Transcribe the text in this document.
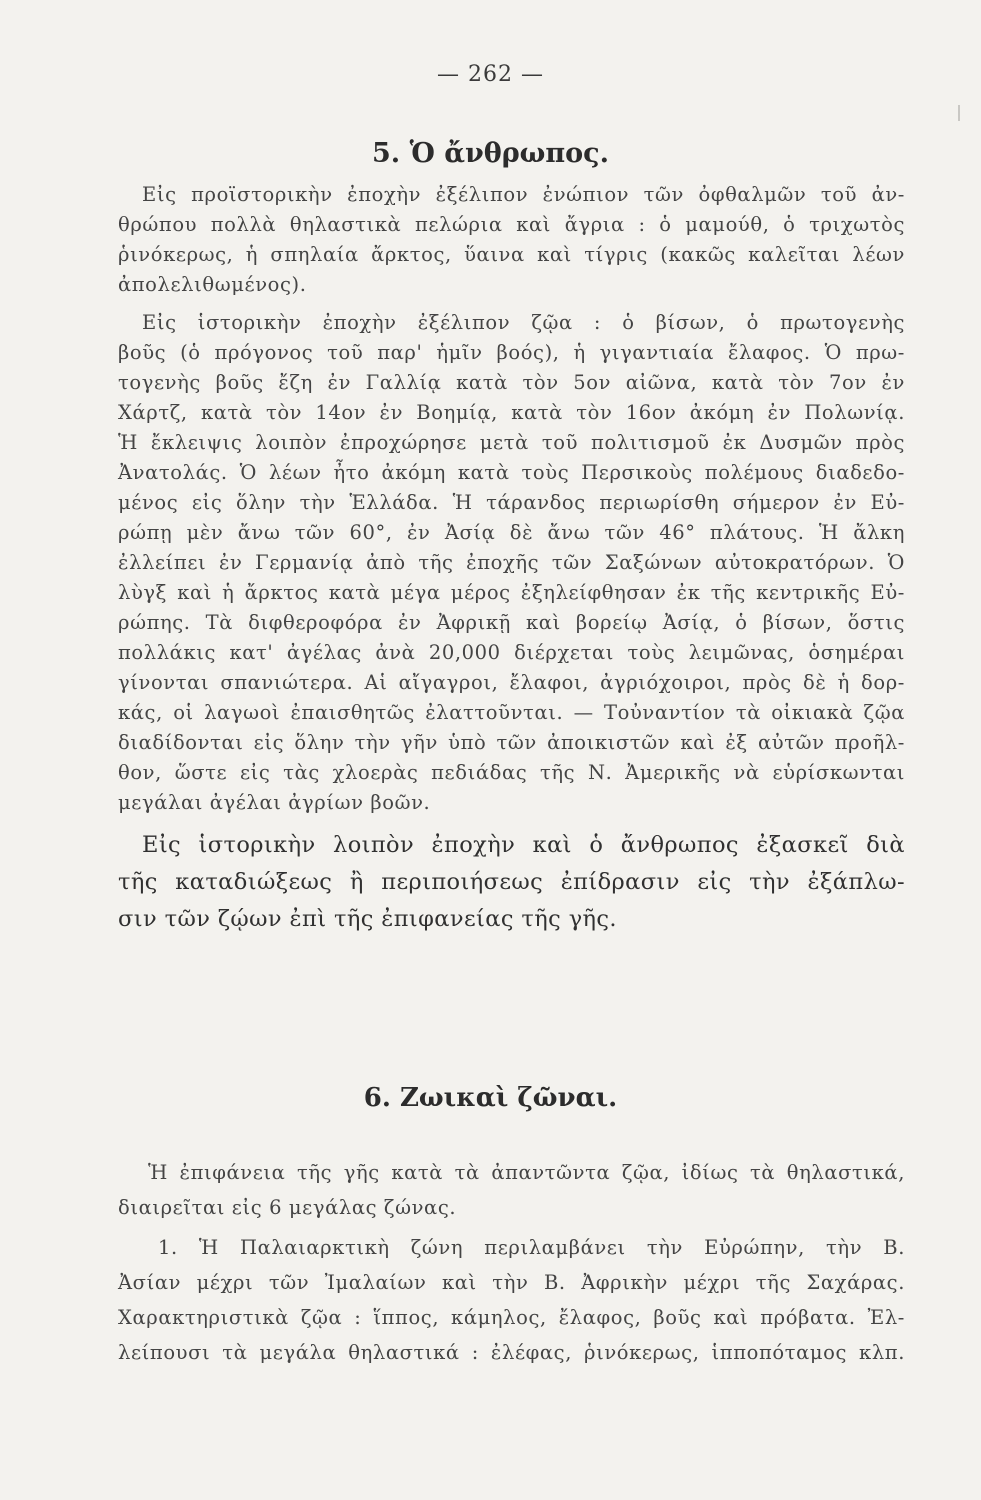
— 262 —
5. Ὁ ἄνθρωπος.
Εἰς προϊστορικὴν ἐποχὴν ἐξέλιπον ἐνώπιον τῶν ὀφθαλμῶν τοῦ ἀν-
θρώπου πολλὰ θηλαστικὰ πελώρια καὶ ἄγρια : ὁ μαμούθ, ὁ τριχωτὸς
ῥινόκερως, ἡ σπηλαία ἄρκτος, ὕαινα καὶ τίγρις (κακῶς καλεῖται λέων
ἀπολελιθωμένος).
Εἰς ἱστορικὴν ἐποχὴν ἐξέλιπον ζῷα : ὁ βίσων, ὁ πρωτογενὴς
βοῦς (ὁ πρόγονος τοῦ παρ' ἡμῖν βοός), ἡ γιγαντιαία ἔλαφος. Ὁ πρω-
τογενὴς βοῦς ἔζη ἐν Γαλλίᾳ κατὰ τὸν 5ον αἰῶνα, κατὰ τὸν 7ον ἐν
Χάρτζ, κατὰ τὸν 14ον ἐν Βοημίᾳ, κατὰ τὸν 16ον ἀκόμη ἐν Πολωνίᾳ.
Ἡ ἔκλειψις λοιπὸν ἐπροχώρησε μετὰ τοῦ πολιτισμοῦ ἐκ Δυσμῶν πρὸς
Ἀνατολάς. Ὁ λέων ἦτο ἀκόμη κατὰ τοὺς Περσικοὺς πολέμους διαδεδο-
μένος εἰς ὅλην τὴν Ἑλλάδα. Ἡ τάρανδος περιωρίσθη σήμερον ἐν Εὐ-
ρώπῃ μὲν ἄνω τῶν 60°, ἐν Ἀσίᾳ δὲ ἄνω τῶν 46° πλάτους. Ἡ ἄλκη
ἐλλείπει ἐν Γερμανίᾳ ἀπὸ τῆς ἐποχῆς τῶν Σαξώνων αὐτοκρατόρων. Ὁ
λὺγξ καὶ ἡ ἄρκτος κατὰ μέγα μέρος ἐξηλείφθησαν ἐκ τῆς κεντρικῆς Εὐ-
ρώπης. Τὰ διφθεροφόρα ἐν Ἀφρικῇ καὶ βορείῳ Ἀσίᾳ, ὁ βίσων, ὅστις
πολλάκις κατ' ἀγέλας ἀνὰ 20,000 διέρχεται τοὺς λειμῶνας, ὁσημέραι
γίνονται σπανιώτερα. Αἱ αἴγαγροι, ἔλαφοι, ἀγριόχοιροι, πρὸς δὲ ἡ δορ-
κάς, οἱ λαγωοὶ ἐπαισθητῶς ἐλαττοῦνται. — Τοὐναντίον τὰ οἰκιακὰ ζῷα
διαδίδονται εἰς ὅλην τὴν γῆν ὑπὸ τῶν ἀποικιστῶν καὶ ἐξ αὐτῶν προῆλ-
θον, ὥστε εἰς τὰς χλοερὰς πεδιάδας τῆς Ν. Ἀμερικῆς νὰ εὑρίσκωνται
μεγάλαι ἀγέλαι ἀγρίων βοῶν.
Εἰς ἱστορικὴν λοιπὸν ἐποχὴν καὶ ὁ ἄνθρωπος ἐξασκεῖ διὰ
τῆς καταδιώξεως ἢ περιποιήσεως ἐπίδρασιν εἰς τὴν ἐξάπλω-
σιν τῶν ζῴων ἐπὶ τῆς ἐπιφανείας τῆς γῆς.
6. Ζωικαὶ ζῶναι.
Ἡ ἐπιφάνεια τῆς γῆς κατὰ τὰ ἀπαντῶντα ζῷα, ἰδίως τὰ θηλαστικά,
διαιρεῖται εἰς 6 μεγάλας ζώνας.
1. Ἡ Παλαιαρκτικὴ ζώνη περιλαμβάνει τὴν Εὐρώπην, τὴν Β.
Ἀσίαν μέχρι τῶν Ἰμαλαίων καὶ τὴν Β. Ἀφρικὴν μέχρι τῆς Σαχάρας.
Χαρακτηριστικὰ ζῷα : ἵππος, κάμηλος, ἔλαφος, βοῦς καὶ πρόβατα. Ἐλ-
λείπουσι τὰ μεγάλα θηλαστικά : ἐλέφας, ῥινόκερως, ἱπποπόταμος κλπ.
